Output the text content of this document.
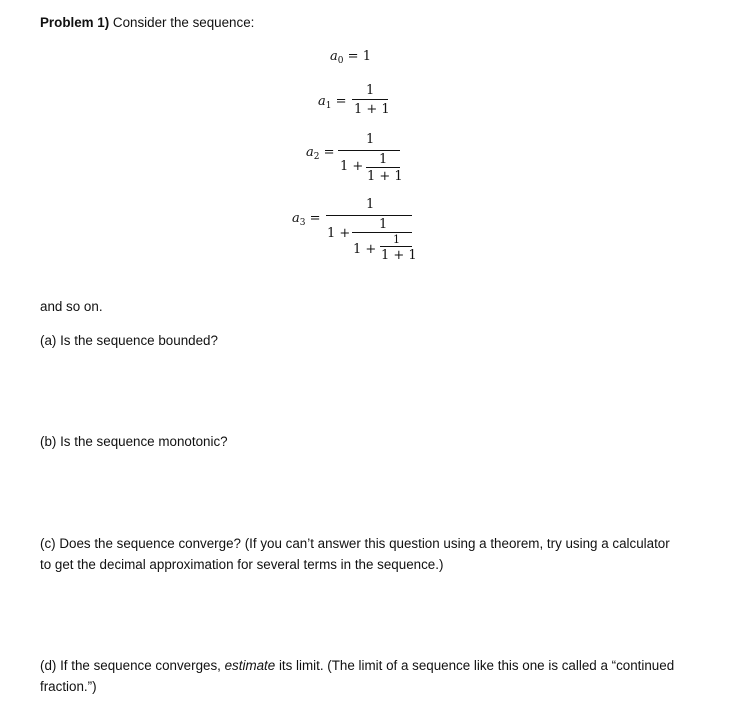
Problem 1) Consider the sequence:
$a_0 = 1$
$a_1$ =
1
1 + 1
$a_2$ =
1
1 + 1
1 + 1
$a_3$ =
1
1 +
1
1 +
1
1 + 1
and so on.
(a) Is the sequence bounded?
(b) Is the sequence monotonic?
(c) Does the sequence converge? (If you can’t answer this question using a theorem, try using a calculator to get the decimal approximation for several terms in the sequence.)
(d) If the sequence converges, estimate its limit. (The limit of a sequence like this one is called a “continued fraction.”)
